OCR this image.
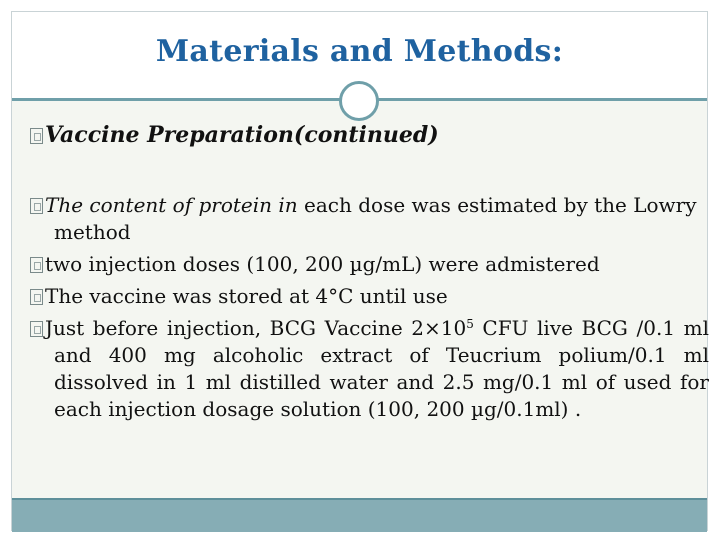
Materials and Methods:
Vaccine Preparation(continued)
The content of protein in each dose was estimated by the Lowry method
two injection doses (100, 200 µg/mL) were admistered
The vaccine was stored at 4°C until use
Just before injection, BCG Vaccine $2\times 10^5$ CFU live BCG /0.1 ml and 400 mg alcoholic extract of Teucrium polium/0.1 ml dissolved in 1 ml distilled water and 2.5 mg/0.1 ml of used for each injection dosage solution (100, 200 µg/0.1ml) .
